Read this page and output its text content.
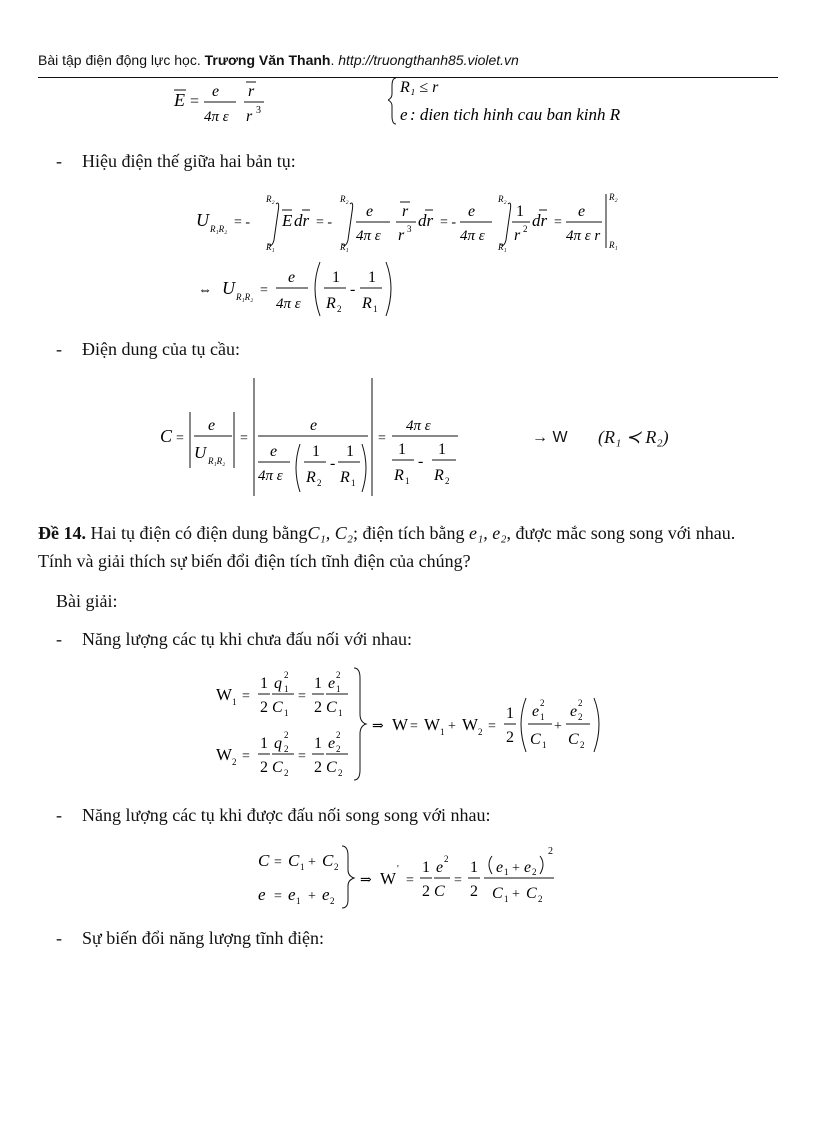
Bài tập điện động lực học. Trương Văn Thanh. http://truongthanh85.violet.vn
E =
e
4π ε
r
r 3
R₁ ≤ r
e : dien tich hinh cau ban kinh R
- Hiệu điện thế giữa hai bản tụ:
U R₁R₂ = -
R₂
R₁
E dr = -
R₂
R₁
e
4π ε
r
r 3 dr = -
e
4π ε
R₂
R₁
1
r 2 dr =
e
4π ε r
R₂
R₁
⇔ U R₁R₂ =
e
4π ε
1
R 2
-
1
R 1
- Điện dung của tụ cầu:
C =
e
U R₁R₂
=
e
e
4π ε
1
R 2
-
1
R 1
=
4π ε
1
R 1
-
1
R 2
→ W (R₁ ≺ R₂)
Đề 14. Hai tụ điện có điện dung bằngC₁, C₂; điện tích bằng e₁, e₂, được mắc song song với nhau.
Tính và giải thích sự biến đổi điện tích tĩnh điện của chúng?
Bài giải:
- Năng lượng các tụ khi chưa đấu nối với nhau:
W 1 =
1
2
q 1
2
C 1
=
1
2
e 1
2
C 1
W 2 =
1
2
q 2
2
C 2
=
1
2
e 2
2
C 2
⇒ W = W 1 + W 2 =
1
2
e 1
2
C 1
+
e 2
2
C 2
- Năng lượng các tụ khi được đấu nối song song với nhau:
C = C 1 + C 2
e = e 1 + e 2
⇒ W '
=
1
2
e 2
C
=
1
2
e 1 + e 2
2
C 1 + C 2
- Sự biến đổi năng lượng tĩnh điện:
